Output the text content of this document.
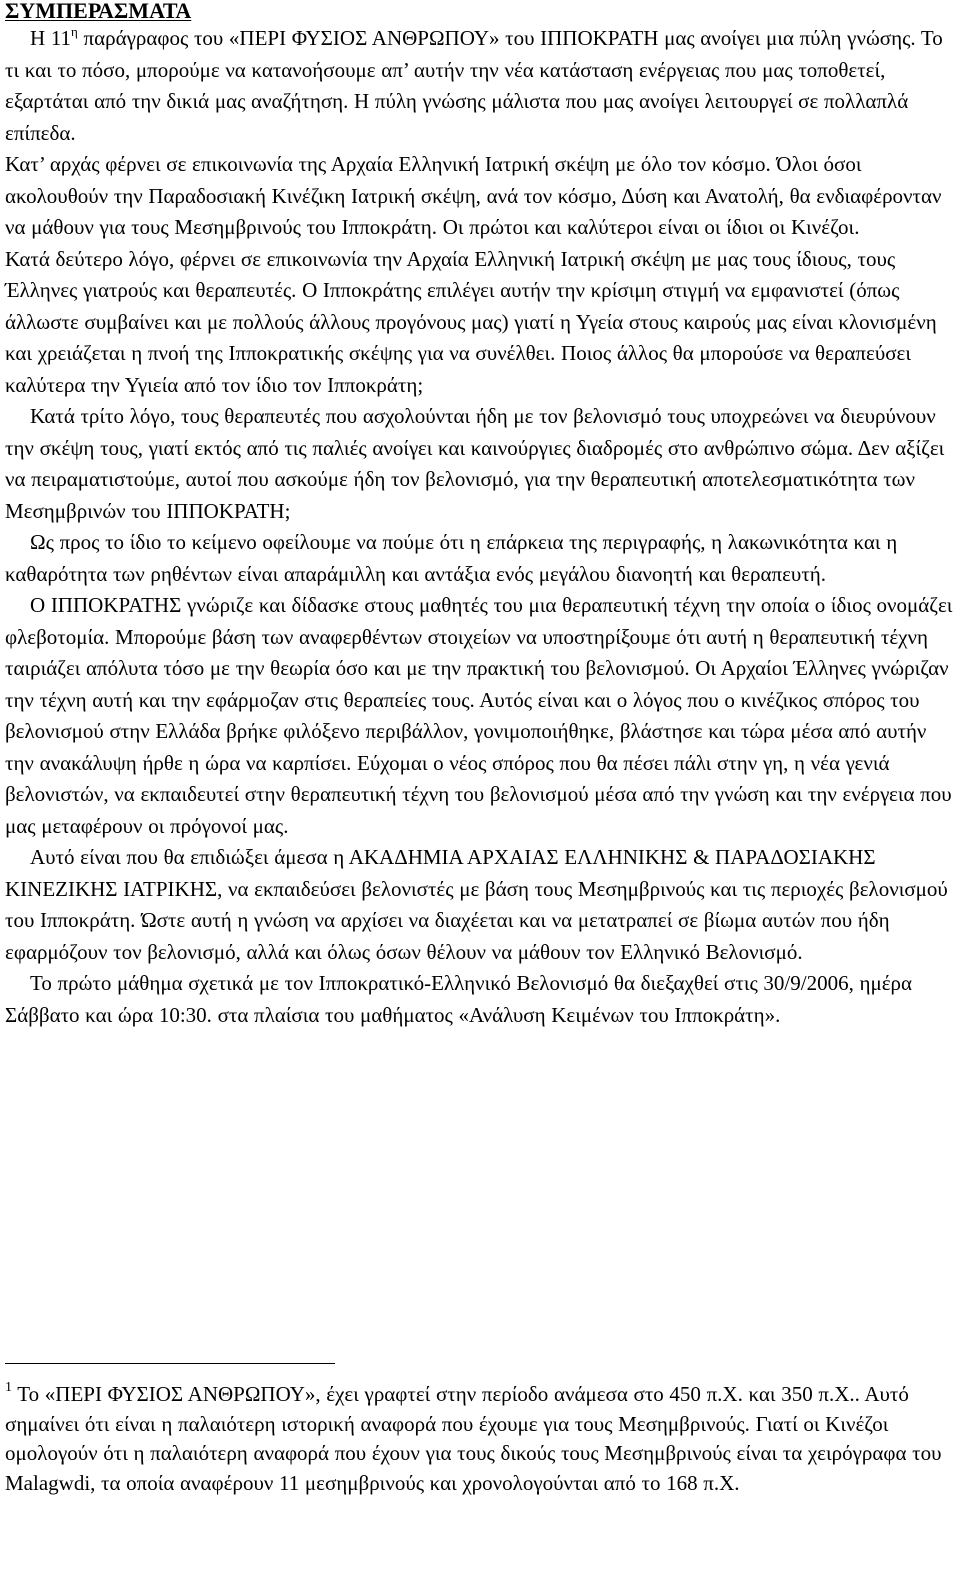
ΣΥΜΠΕΡΑΣΜΑΤΑ

Η $11^\eta$ παράγραφος του «ΠΕΡΙ ΦΥΣΙΟΣ ΑΝΘΡΩΠΟΥ» του ΙΠΠΟΚΡΑΤΗ μας ανοίγει μια πύλη γνώσης. Το τι και το πόσο, μπορούμε να κατανοήσουμε απ’ αυτήν την νέα κατάσταση ενέργειας που μας τοποθετεί, εξαρτάται από την δικιά μας αναζήτηση. Η πύλη γνώσης μάλιστα που μας ανοίγει λειτουργεί σε πολλαπλά επίπεδα.

Κατ’ αρχάς φέρνει σε επικοινωνία της Αρχαία Ελληνική Ιατρική σκέψη με όλο τον κόσμο. Όλοι όσοι ακολουθούν την Παραδοσιακή Κινέζικη Ιατρική σκέψη, ανά τον κόσμο, Δύση και Ανατολή, θα ενδιαφέρονταν να μάθουν για τους Μεσημβρινούς του Ιπποκράτη. Οι πρώτοι και καλύτεροι είναι οι ίδιοι οι Κινέζοι.

Κατά δεύτερο λόγο, φέρνει σε επικοινωνία την Αρχαία Ελληνική Ιατρική σκέψη με μας τους ίδιους, τους Έλληνες γιατρούς και θεραπευτές. Ο Ιπποκράτης επιλέγει αυτήν την κρίσιμη στιγμή να εμφανιστεί (όπως άλλωστε συμβαίνει και με πολλούς άλλους προγόνους μας) γιατί η Υγεία στους καιρούς μας είναι κλονισμένη και χρειάζεται η πνοή της Ιπποκρατικής σκέψης για να συνέλθει. Ποιος άλλος θα μπορούσε να θεραπεύσει καλύτερα την Υγιεία από τον ίδιο τον Ιπποκράτη;

Κατά τρίτο λόγο, τους θεραπευτές που ασχολούνται ήδη με τον βελονισμό τους υποχρεώνει να διευρύνουν την σκέψη τους, γιατί εκτός από τις παλιές ανοίγει και καινούργιες διαδρομές στο ανθρώπινο σώμα. Δεν αξίζει να πειραματιστούμε, αυτοί που ασκούμε ήδη τον βελονισμό, για την θεραπευτική αποτελεσματικότητα των Μεσημβρινών του ΙΠΠΟΚΡΑΤΗ;

Ως προς το ίδιο το κείμενο οφείλουμε να πούμε ότι η επάρκεια της περιγραφής, η λακωνικότητα και η καθαρότητα των ρηθέντων είναι απαράμιλλη και αντάξια ενός μεγάλου διανοητή και θεραπευτή.

Ο ΙΠΠΟΚΡΑΤΗΣ γνώριζε και δίδασκε στους μαθητές του μια θεραπευτική τέχνη την οποία ο ίδιος ονομάζει φλεβοτομία. Μπορούμε βάση των αναφερθέντων στοιχείων να υποστηρίξουμε ότι αυτή η θεραπευτική τέχνη ταιριάζει απόλυτα τόσο με την θεωρία όσο και με την πρακτική του βελονισμού. Οι Αρχαίοι Έλληνες γνώριζαν την τέχνη αυτή και την εφάρμοζαν στις θεραπείες τους. Αυτός είναι και ο λόγος που ο κινέζικος σπόρος του βελονισμού στην Ελλάδα βρήκε φιλόξενο περιβάλλον, γονιμοποιήθηκε, βλάστησε και τώρα μέσα από αυτήν την ανακάλυψη ήρθε η ώρα να καρπίσει. Εύχομαι ο νέος σπόρος που θα πέσει πάλι στην γη, η νέα γενιά βελονιστών, να εκπαιδευτεί στην θεραπευτική τέχνη του βελονισμού μέσα από την γνώση και την ενέργεια που μας μεταφέρουν οι πρόγονοί μας.

Αυτό είναι που θα επιδιώξει άμεσα η ΑΚΑΔΗΜΙΑ ΑΡΧΑΙΑΣ ΕΛΛΗΝΙΚΗΣ & ΠΑΡΑΔΟΣΙΑΚΗΣ ΚΙΝΕΖΙΚΗΣ ΙΑΤΡΙΚΗΣ, να εκπαιδεύσει βελονιστές με βάση τους Μεσημβρινούς και τις περιοχές βελονισμού του Ιπποκράτη. Ώστε αυτή η γνώση να αρχίσει να διαχέεται και να μετατραπεί σε βίωμα αυτών που ήδη εφαρμόζουν τον βελονισμό, αλλά και όλως όσων θέλουν να μάθουν τον Ελληνικό Βελονισμό.

Το πρώτο μάθημα σχετικά με τον Ιπποκρατικό-Ελληνικό Βελονισμό θα διεξαχθεί στις 30/9/2006, ημέρα Σάββατο και ώρα 10:30. στα πλαίσια του μαθήματος «Ανάλυση Κειμένων του Ιπποκράτη».

$^1$ Το «ΠΕΡΙ ΦΥΣΙΟΣ ΑΝΘΡΩΠΟΥ», έχει γραφτεί στην περίοδο ανάμεσα στο 450 π.Χ. και 350 π.Χ.. Αυτό σημαίνει ότι είναι η παλαιότερη ιστορική αναφορά που έχουμε για τους Μεσημβρινούς. Γιατί οι Κινέζοι ομολογούν ότι η παλαιότερη αναφορά που έχουν για τους δικούς τους Μεσημβρινούς είναι τα χειρόγραφα του Malagwdi, τα οποία αναφέρουν 11 μεσημβρινούς και χρονολογούνται από το 168 π.Χ.
